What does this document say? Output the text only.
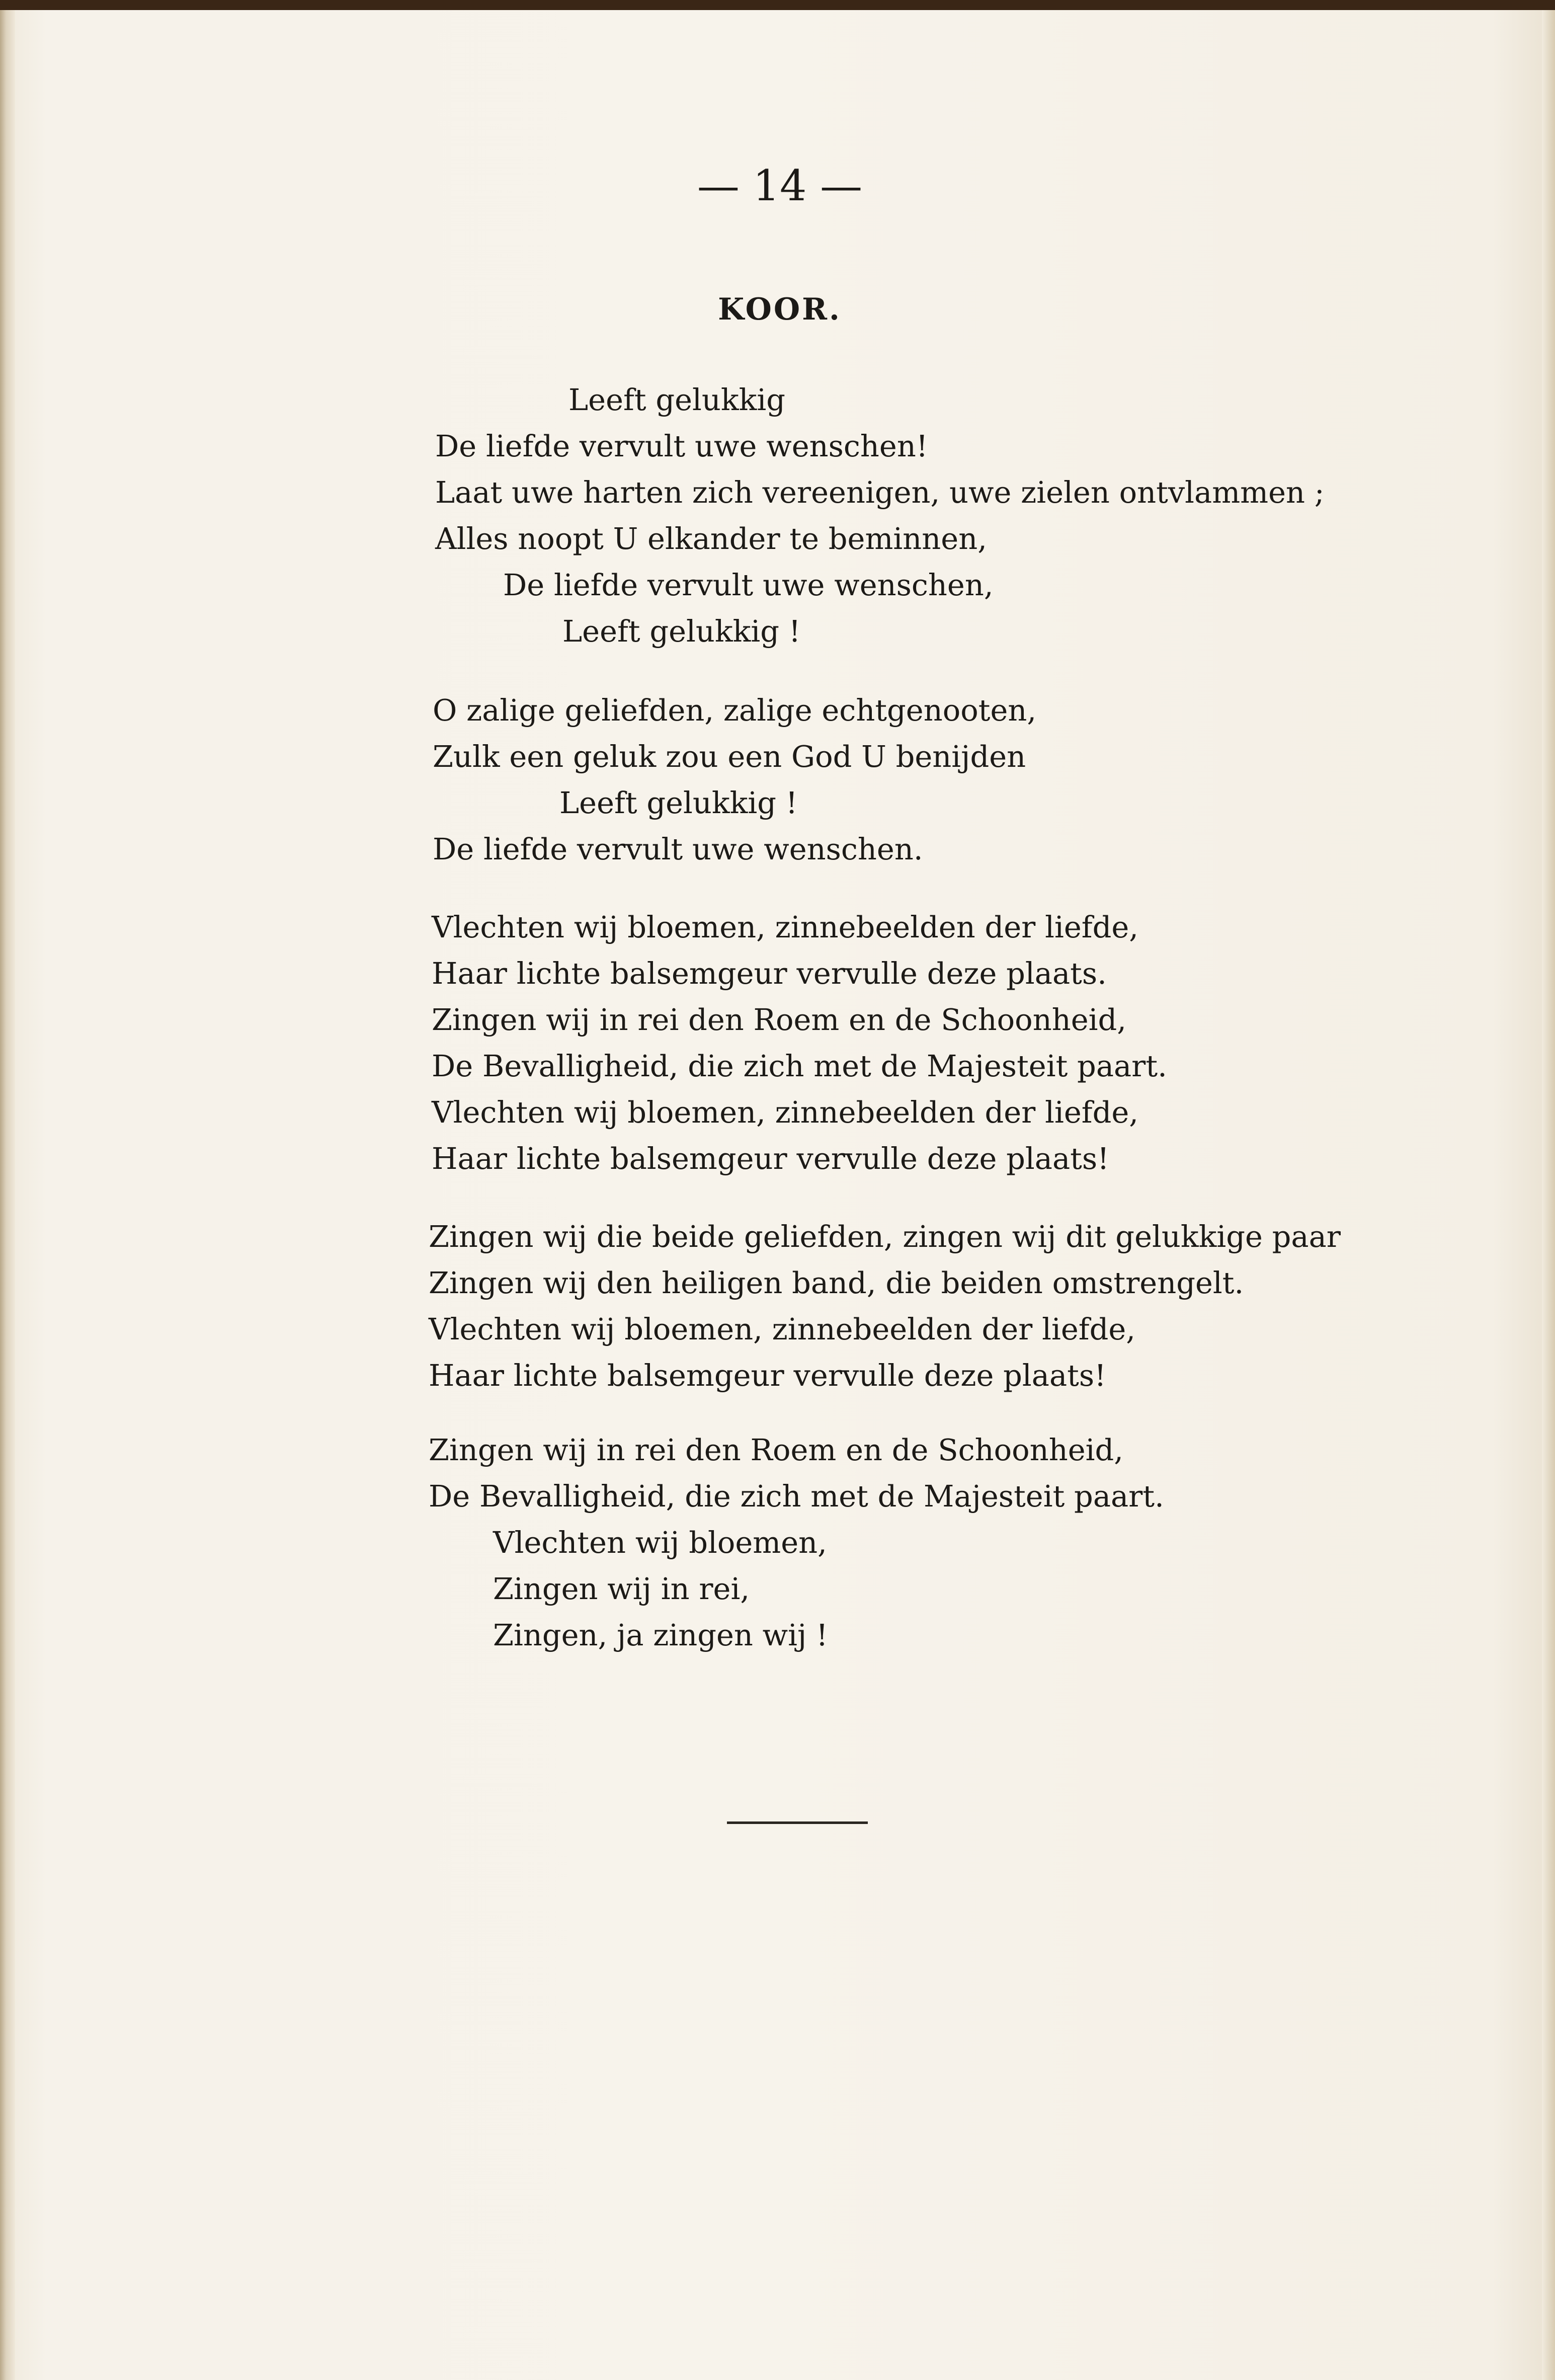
— 14 —
KOOR.
Leeft gelukkig
De liefde vervult uwe wenschen!
Laat uwe harten zich vereenigen, uwe zielen ontvlammen ;
Alles noopt U elkander te beminnen,
De liefde vervult uwe wenschen,
Leeft gelukkig !
O zalige geliefden, zalige echtgenooten,
Zulk een geluk zou een God U benijden
Leeft gelukkig !
De liefde vervult uwe wenschen.
Vlechten wij bloemen, zinnebeelden der liefde,
Haar lichte balsemgeur vervulle deze plaats.
Zingen wij in rei den Roem en de Schoonheid,
De Bevalligheid, die zich met de Majesteit paart.
Vlechten wij bloemen, zinnebeelden der liefde,
Haar lichte balsemgeur vervulle deze plaats!
Zingen wij die beide geliefden, zingen wij dit gelukkige paar
Zingen wij den heiligen band, die beiden omstrengelt.
Vlechten wij bloemen, zinnebeelden der liefde,
Haar lichte balsemgeur vervulle deze plaats!
Zingen wij in rei den Roem en de Schoonheid,
De Bevalligheid, die zich met de Majesteit paart.
Vlechten wij bloemen,
Zingen wij in rei,
Zingen, ja zingen wij !
